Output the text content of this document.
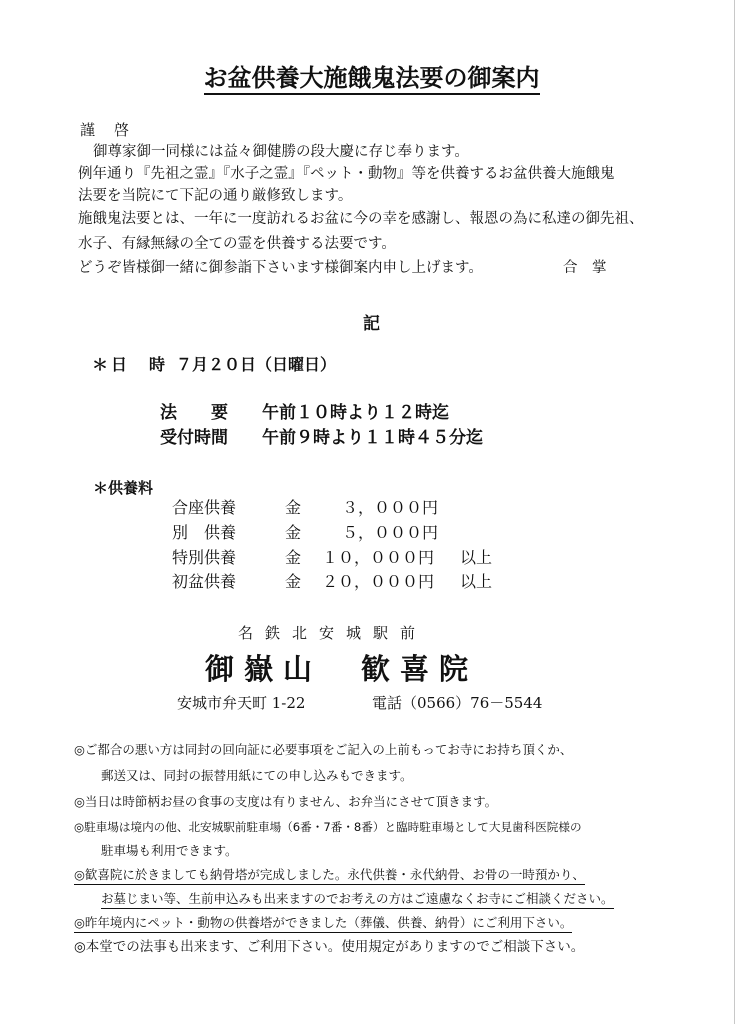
お盆供養大施餓鬼法要の御案内
謹　啓
御尊家御一同様には益々御健勝の段大慶に存じ奉ります。
例年通り『先祖之霊』『水子之霊』『ペット・動物』等を供養するお盆供養大施餓鬼
法要を当院にて下記の通り厳修致します。
施餓鬼法要とは、一年に一度訪れるお盆に今の幸を感謝し、報恩の為に私達の御先祖、
水子、有縁無縁の全ての霊を供養する法要です。
どうぞ皆様御一緒に御参詣下さいます様御案内申し上げます。	合　掌
記
＊日　時 ７月２０日（日曜日）
法　　要 午前１０時より１２時迄
受付時間 午前９時より１１時４５分迄
＊供養料
合座供養	金	３，０００円
別　供養	金	５，０００円
特別供養	金 １０，０００円 以上
初盆供養	金 ２０，０００円 以上
名鉄北安城駅前
御嶽山　歓喜院
安城市弁天町 1-22	電話（0566）76－5544
◎ご都合の悪い方は同封の回向証に必要事項をご記入の上前もってお寺にお持ち頂くか、
郵送又は、同封の振替用紙にての申し込みもできます。
◎当日は時節柄お昼の食事の支度は有りません、お弁当にさせて頂きます。
◎駐車場は境内の他、北安城駅前駐車場（6番・7番・8番）と臨時駐車場として大見歯科医院様の
駐車場も利用できます。
◎歓喜院に於きましても納骨塔が完成しました。永代供養・永代納骨、お骨の一時預かり、
お墓じまい等、生前申込みも出来ますのでお考えの方はご遠慮なくお寺にご相談ください。
◎昨年境内にペット・動物の供養塔ができました（葬儀、供養、納骨）にご利用下さい。
◎本堂での法事も出来ます、ご利用下さい。使用規定がありますのでご相談下さい。
